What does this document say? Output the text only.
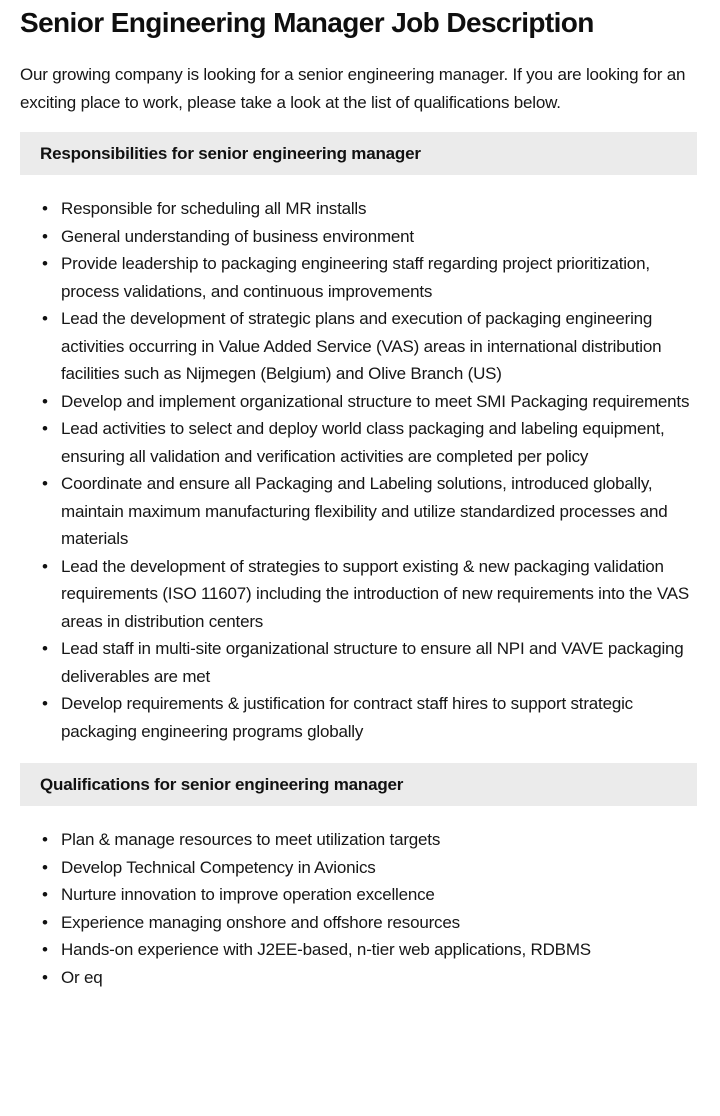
Senior Engineering Manager Job Description

Our growing company is looking for a senior engineering manager. If you are looking for an exciting place to work, please take a look at the list of qualifications below.

Responsibilities for senior engineering manager
• Responsible for scheduling all MR installs
• General understanding of business environment
• Provide leadership to packaging engineering staff regarding project prioritization, process validations, and continuous improvements
• Lead the development of strategic plans and execution of packaging engineering activities occurring in Value Added Service (VAS) areas in international distribution facilities such as Nijmegen (Belgium) and Olive Branch (US)
• Develop and implement organizational structure to meet SMI Packaging requirements
• Lead activities to select and deploy world class packaging and labeling equipment, ensuring all validation and verification activities are completed per policy
• Coordinate and ensure all Packaging and Labeling solutions, introduced globally, maintain maximum manufacturing flexibility and utilize standardized processes and materials
• Lead the development of strategies to support existing & new packaging validation requirements (ISO 11607) including the introduction of new requirements into the VAS areas in distribution centers
• Lead staff in multi-site organizational structure to ensure all NPI and VAVE packaging deliverables are met
• Develop requirements & justification for contract staff hires to support strategic packaging engineering programs globally
Qualifications for senior engineering manager
• Plan & manage resources to meet utilization targets
• Develop Technical Competency in Avionics
• Nurture innovation to improve operation excellence
• Experience managing onshore and offshore resources
• Hands-on experience with J2EE-based, n-tier web applications, RDBMS
• Or eq
